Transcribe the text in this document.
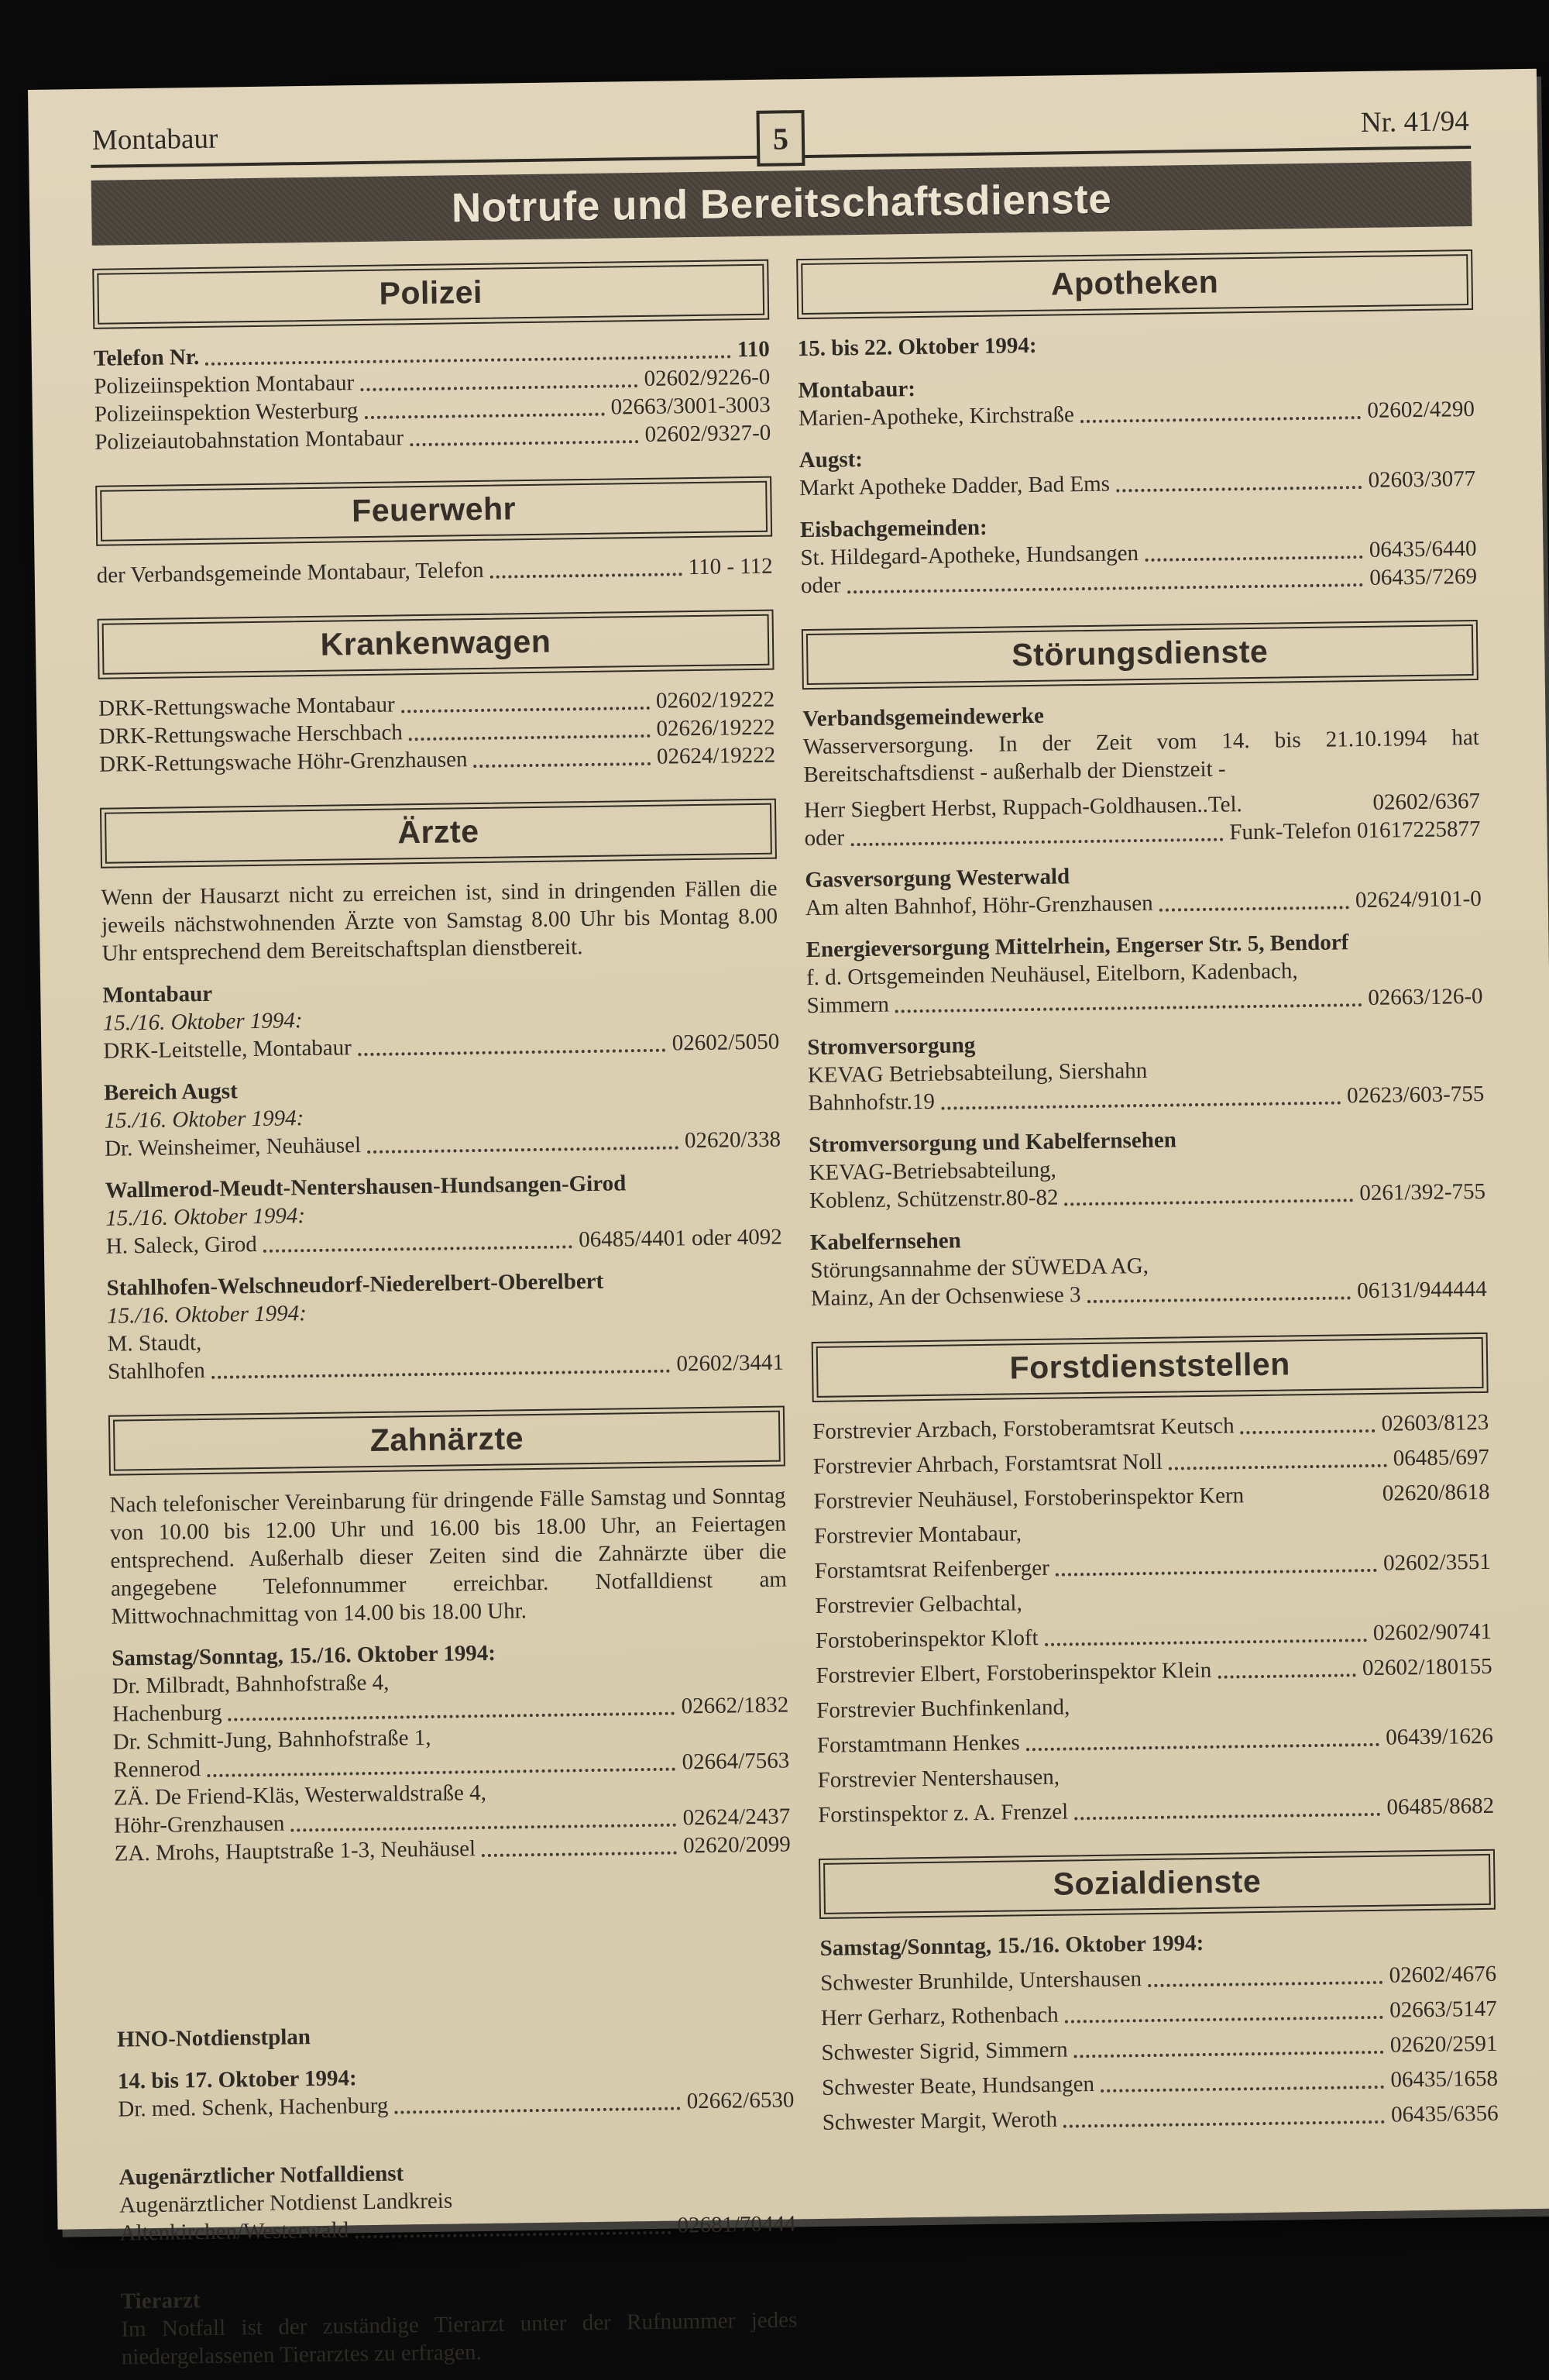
Montabaur	5	Nr. 41/94
Notrufe und Bereitschaftsdienste
Polizei
Telefon Nr.	110
Polizeiinspektion Montabaur	02602/9226-0
Polizeiinspektion Westerburg	02663/3001-3003
Polizeiautobahnstation Montabaur	02602/9327-0
Feuerwehr
der Verbandsgemeinde Montabaur, Telefon	110 - 112
Krankenwagen
DRK-Rettungswache Montabaur	02602/19222
DRK-Rettungswache Herschbach	02626/19222
DRK-Rettungswache Höhr-Grenzhausen	02624/19222
Ärzte
Wenn der Hausarzt nicht zu erreichen ist, sind in dringenden Fällen die jeweils nächstwohnenden Ärzte von Samstag 8.00 Uhr bis Montag 8.00 Uhr entsprechend dem Bereitschaftsplan dienstbereit.
Montabaur
15./16. Oktober 1994:
DRK-Leitstelle, Montabaur	02602/5050
Bereich Augst
15./16. Oktober 1994:
Dr. Weinsheimer, Neuhäusel	02620/338
Wallmerod-Meudt-Nentershausen-Hundsangen-Girod
15./16. Oktober 1994:
H. Saleck, Girod	06485/4401 oder 4092
Stahlhofen-Welschneudorf-Niederelbert-Oberelbert
15./16. Oktober 1994:
M. Staudt,
Stahlhofen	02602/3441
Zahnärzte
Nach telefonischer Vereinbarung für dringende Fälle Samstag und Sonntag von 10.00 bis 12.00 Uhr und 16.00 bis 18.00 Uhr, an Feiertagen entsprechend. Außerhalb dieser Zeiten sind die Zahnärzte über die angegebene Telefonnummer erreichbar. Notfalldienst am Mittwochnachmittag von 14.00 bis 18.00 Uhr.
Samstag/Sonntag, 15./16. Oktober 1994:
Dr. Milbradt, Bahnhofstraße 4,
Hachenburg	02662/1832
Dr. Schmitt-Jung, Bahnhofstraße 1,
Rennerod	02664/7563
ZÄ. De Friend-Kläs, Westerwaldstraße 4,
Höhr-Grenzhausen	02624/2437
ZA. Mrohs, Hauptstraße 1-3, Neuhäusel	02620/2099
HNO-Notdienstplan
14. bis 17. Oktober 1994:
Dr. med. Schenk, Hachenburg	02662/6530
Augenärztlicher Notfalldienst
Augenärztlicher Notdienst Landkreis
Altenkirchen/Westerwald	02681/70444
Tierarzt
Im Notfall ist der zuständige Tierarzt unter der Rufnummer jedes niedergelassenen Tierarztes zu erfragen.
Apotheken
15. bis 22. Oktober 1994:
Montabaur:
Marien-Apotheke, Kirchstraße	02602/4290
Augst:
Markt Apotheke Dadder, Bad Ems	02603/3077
Eisbachgemeinden:
St. Hildegard-Apotheke, Hundsangen	06435/6440
oder	06435/7269
Störungsdienste
Verbandsgemeindewerke
Wasserversorgung. In der Zeit vom 14. bis 21.10.1994 hat Bereitschaftsdienst - außerhalb der Dienstzeit -
Herr Siegbert Herbst, Ruppach-Goldhausen..Tel.	02602/6367
oder	Funk-Telefon 01617225877
Gasversorgung Westerwald
Am alten Bahnhof, Höhr-Grenzhausen	02624/9101-0
Energieversorgung Mittelrhein, Engerser Str. 5, Bendorf
f. d. Ortsgemeinden Neuhäusel, Eitelborn, Kadenbach,
Simmern	02663/126-0
Stromversorgung
KEVAG Betriebsabteilung, Siershahn
Bahnhofstr.19	02623/603-755
Stromversorgung und Kabelfernsehen
KEVAG-Betriebsabteilung,
Koblenz, Schützenstr.80-82	0261/392-755
Kabelfernsehen
Störungsannahme der SÜWEDA AG,
Mainz, An der Ochsenwiese 3	06131/944444
Forstdienststellen
Forstrevier Arzbach, Forstoberamtsrat Keutsch	02603/8123
Forstrevier Ahrbach, Forstamtsrat Noll	06485/697
Forstrevier Neuhäusel, Forstoberinspektor Kern	02620/8618
Forstrevier Montabaur,
Forstamtsrat Reifenberger	02602/3551
Forstrevier Gelbachtal,
Forstoberinspektor Kloft	02602/90741
Forstrevier Elbert, Forstoberinspektor Klein	02602/180155
Forstrevier Buchfinkenland,
Forstamtmann Henkes	06439/1626
Forstrevier Nentershausen,
Forstinspektor z. A. Frenzel	06485/8682
Sozialdienste
Samstag/Sonntag, 15./16. Oktober 1994:
Schwester Brunhilde, Untershausen	02602/4676
Herr Gerharz, Rothenbach	02663/5147
Schwester Sigrid, Simmern	02620/2591
Schwester Beate, Hundsangen	06435/1658
Schwester Margit, Weroth	06435/6356
